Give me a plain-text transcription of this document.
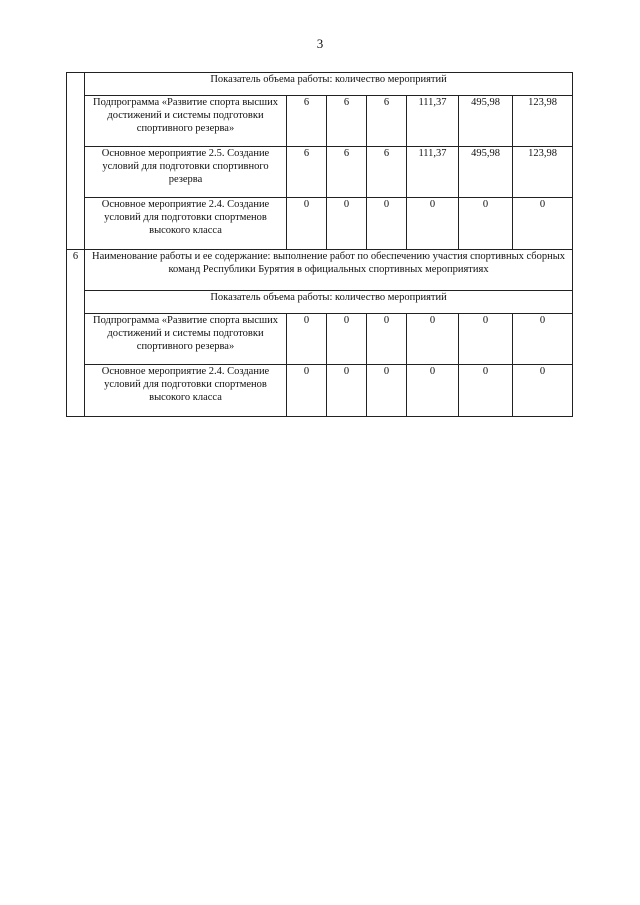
3
	Показатель объема работы: количество мероприятий						
	Подпрограмма «Развитие спорта высших достижений и системы подготовки спортивного резерва»	6	6	6	111,37	495,98	123,98
	Основное мероприятие 2.5. Создание условий для подготовки спортивного резерва	6	6	6	111,37	495,98	123,98
	Основное мероприятие 2.4. Создание условий для подготовки спортменов высокого класса	0	0	0	0	0	0
6	Наименование работы и ее содержание: выполнение работ по обеспечению участия спортивных сборных команд Республики Бурятия в официальных спортивных мероприятиях						
	Показатель объема работы: количество мероприятий						
	Подпрограмма «Развитие спорта высших достижений и системы подготовки спортивного резерва»	0	0	0	0	0	0
	Основное мероприятие 2.4. Создание условий для подготовки спортменов высокого класса	0	0	0	0	0	0
